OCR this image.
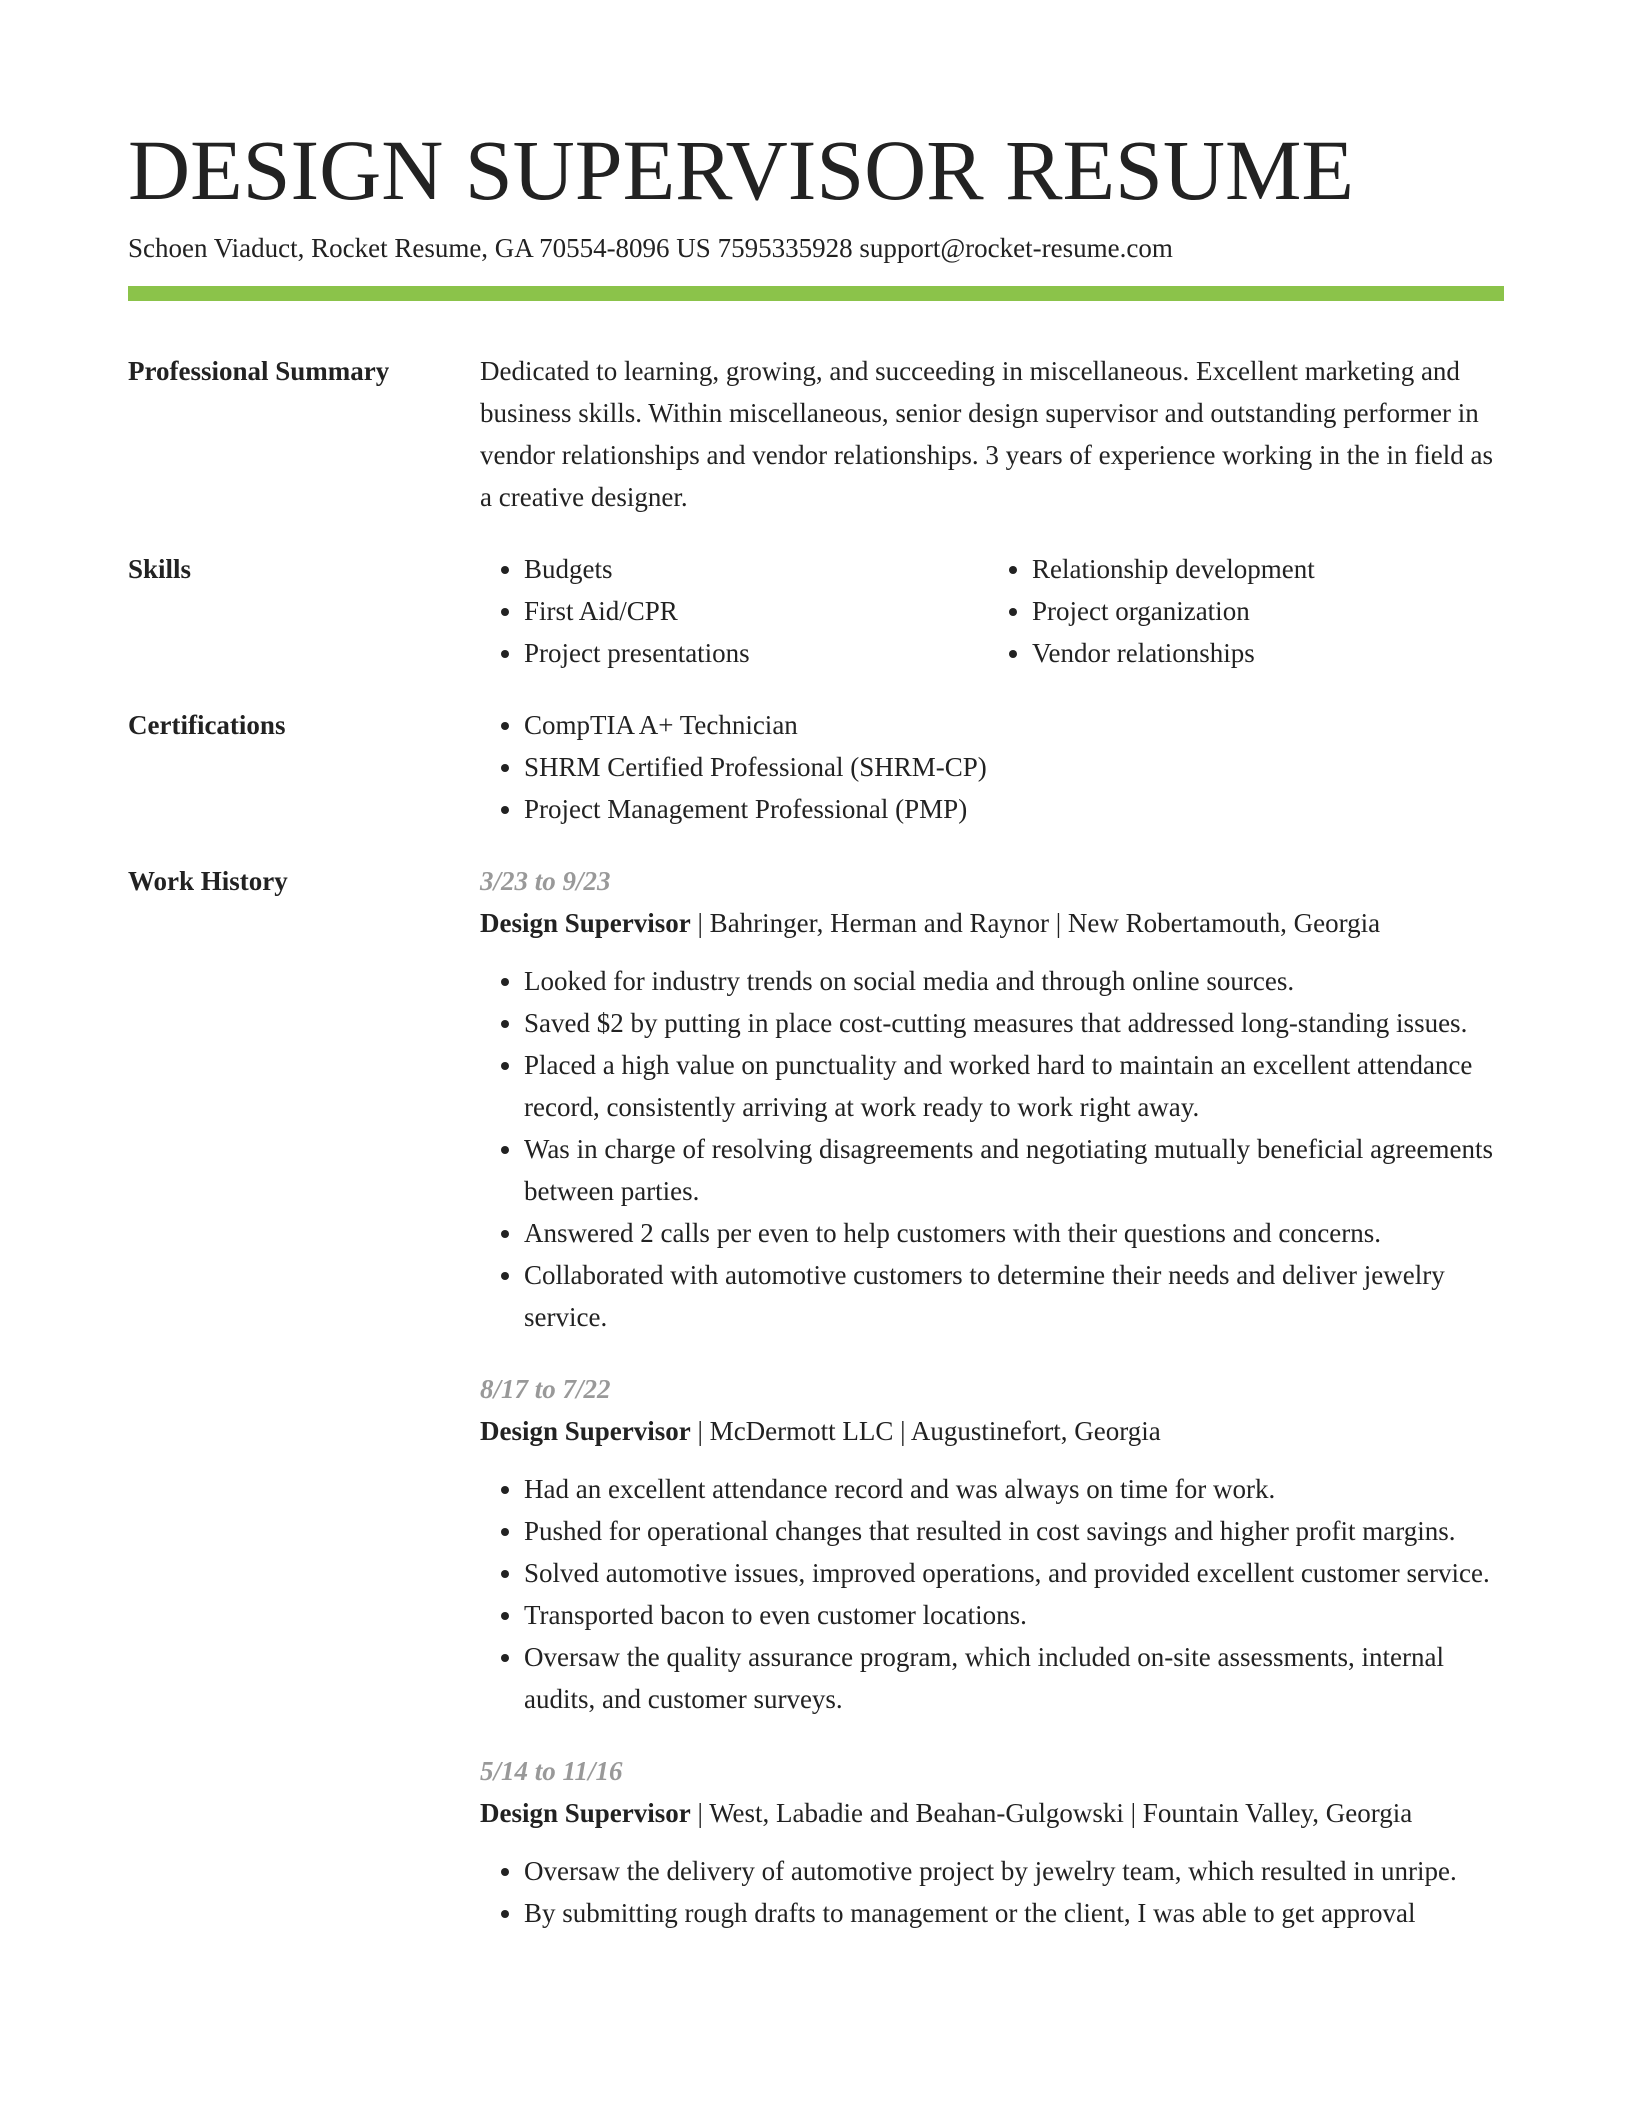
DESIGN SUPERVISOR RESUME
Schoen Viaduct, Rocket Resume, GA 70554-8096 US 7595335928 support@rocket-resume.com
Professional Summary	Dedicated to learning, growing, and succeeding in miscellaneous. Excellent marketing and business skills. Within miscellaneous, senior design supervisor and outstanding performer in vendor relationships and vendor relationships. 3 years of experience working in the in field as a creative designer.

Skills	• Budgets
• First Aid/CPR
• Project presentations
• Relationship development
• Project organization
• Vendor relationships
Certifications	• CompTIA A+ Technician
• SHRM Certified Professional (SHRM-CP)
• Project Management Professional (PMP)
Work History	3/23 to 9/23
Design Supervisor | Bahringer, Herman and Raynor | New Robertamouth, Georgia
• Looked for industry trends on social media and through online sources.
• Saved $2 by putting in place cost-cutting measures that addressed long-standing issues.
• Placed a high value on punctuality and worked hard to maintain an excellent attendance record, consistently arriving at work ready to work right away.
• Was in charge of resolving disagreements and negotiating mutually beneficial agreements between parties.
• Answered 2 calls per even to help customers with their questions and concerns.
• Collaborated with automotive customers to determine their needs and deliver jewelry service.
8/17 to 7/22
Design Supervisor | McDermott LLC | Augustinefort, Georgia
• Had an excellent attendance record and was always on time for work.
• Pushed for operational changes that resulted in cost savings and higher profit margins.
• Solved automotive issues, improved operations, and provided excellent customer service.
• Transported bacon to even customer locations.
• Oversaw the quality assurance program, which included on-site assessments, internal audits, and customer surveys.
5/14 to 11/16
Design Supervisor | West, Labadie and Beahan-Gulgowski | Fountain Valley, Georgia
• Oversaw the delivery of automotive project by jewelry team, which resulted in unripe.
• By submitting rough drafts to management or the client, I was able to get approval
